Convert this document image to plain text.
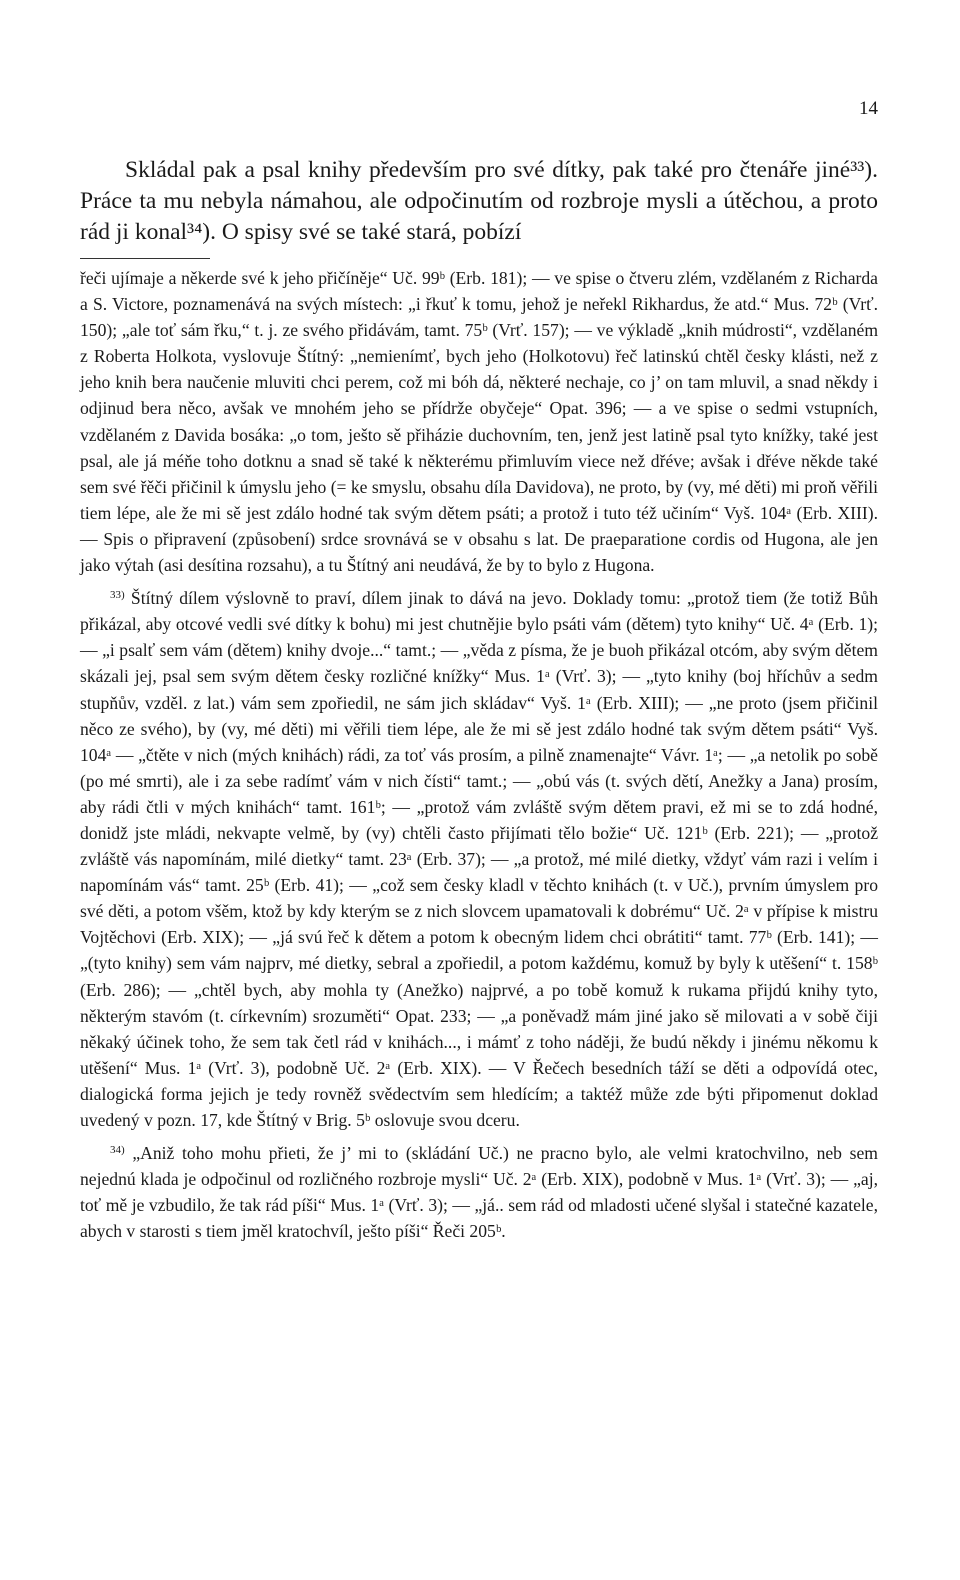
14

Skládal pak a psal knihy především pro své dítky, pak také pro čtenáře jiné³³). Práce ta mu nebyla námahou, ale odpočinutím od rozbroje mysli a útěchou, a proto rád ji konal³⁴). O spisy své se také stará, pobízí

řeči ujímaje a někerde své k jeho přičíněje“ Uč. 99ᵇ (Erb. 181); — ve spise o čtveru zlém, vzdělaném z Richarda a S. Victore, poznamenává na svých místech: „i řkuť k tomu, jehož je neřekl Rikhardus, že atd.“ Mus. 72ᵇ (Vrť. 150); „ale toť sám řku,“ t. j. ze svého přidávám, tamt. 75ᵇ (Vrť. 157); — ve výkladě „knih múdrosti“, vzdělaném z Roberta Holkota, vyslovuje Štítný: „nemienímť, bych jeho (Holkotovu) řeč latinskú chtěl česky klásti, než z jeho knih bera naučenie mluviti chci perem, což mi bóh dá, některé nechaje, co j’ on tam mluvil, a snad někdy i odjinud bera něco, avšak ve mnohém jeho se přídrže obyčeje“ Opat. 396; — a ve spise o sedmi vstupních, vzdělaném z Davida bosáka: „o tom, ješto sě přiházie duchovním, ten, jenž jest latině psal tyto knížky, také jest psal, ale já méňe toho dotknu a snad sě také k některému přimluvím viece než dřéve; avšak i dřéve někde také sem své řěči přičinil k úmyslu jeho (= ke smyslu, obsahu díla Davidova), ne proto, by (vy, mé děti) mi proň věřili tiem lépe, ale že mi sě jest zdálo hodné tak svým dětem psáti; a protož i tuto též učiním“ Vyš. 104ᵃ (Erb. XIII). — Spis o připravení (způsobení) srdce srovnává se v obsahu s lat. De praeparatione cordis od Hugona, ale jen jako výtah (asi desítina rozsahu), a tu Štítný ani neudává, že by to bylo z Hugona.

$^{33)}$ Štítný dílem výslovně to praví, dílem jinak to dává na jevo. Doklady tomu: „protož tiem (že totiž Bůh přikázal, aby otcové vedli své dítky k bohu) mi jest chutnějie bylo psáti vám (dětem) tyto knihy“ Uč. 4ᵃ (Erb. 1); — „i psalť sem vám (dětem) knihy dvoje...“ tamt.; — „věda z písma, že je buoh přikázal otcóm, aby svým dětem skázali jej, psal sem svým dětem česky rozličné knížky“ Mus. 1ᵃ (Vrť. 3); — „tyto knihy (boj hříchův a sedm stupňův, vzděl. z lat.) vám sem zpořiedil, ne sám jich skládav“ Vyš. 1ᵃ (Erb. XIII); — „ne proto (jsem přičinil něco ze svého), by (vy, mé děti) mi věřili tiem lépe, ale že mi sě jest zdálo hodné tak svým dětem psáti“ Vyš. 104ᵃ — „čtěte v nich (mých knihách) rádi, za toť vás prosím, a pilně znamenajte“ Vávr. 1ᵃ; — „a netolik po sobě (po mé smrti), ale i za sebe radímť vám v nich čísti“ tamt.; — „obú vás (t. svých dětí, Anežky a Jana) prosím, aby rádi čtli v mých knihách“ tamt. 161ᵇ; — „protož vám zvláště svým dětem pravi, ež mi se to zdá hodné, donidž jste mládi, nekvapte velmě, by (vy) chtěli často přijímati tělo božie“ Uč. 121ᵇ (Erb. 221); — „protož zvláště vás napomínám, milé dietky“ tamt. 23ᵃ (Erb. 37); — „a protož, mé milé dietky, vždyť vám razi i velím i napomínám vás“ tamt. 25ᵇ (Erb. 41); — „což sem česky kladl v těchto knihách (t. v Uč.), prvním úmyslem pro své děti, a potom všěm, ktož by kdy kterým se z nich slovcem upamatovali k dobrému“ Uč. 2ᵃ v přípise k mistru Vojtěchovi (Erb. XIX); — „já svú řeč k dětem a potom k obecným lidem chci obrátiti“ tamt. 77ᵇ (Erb. 141); — „(tyto knihy) sem vám najprv, mé dietky, sebral a zpořiedil, a potom každému, komuž by byly k utěšení“ t. 158ᵇ (Erb. 286); — „chtěl bych, aby mohla ty (Anežko) najprvé, a po tobě komuž k rukama přijdú knihy tyto, některým stavóm (t. církevním) srozuměti“ Opat. 233; — „a poněvadž mám jiné jako sě milovati a v sobě čiji někaký účinek toho, že sem tak četl rád v knihách..., i mámť z toho náději, že budú někdy i jinému někomu k utěšení“ Mus. 1ᵃ (Vrť. 3), podobně Uč. 2ᵃ (Erb. XIX). — V Řečech besedních táží se děti a odpovídá otec, dialogická forma jejich je tedy rovněž svědectvím sem hledícím; a taktéž může zde býti připomenut doklad uvedený v pozn. 17, kde Štítný v Brig. 5ᵇ oslovuje svou dceru.

$^{34)}$ „Aniž toho mohu přieti, že j’ mi to (skládání Uč.) ne pracno bylo, ale velmi kratochvilno, neb sem nejednú klada je odpočinul od rozličného rozbroje mysli“ Uč. 2ᵃ (Erb. XIX), podobně v Mus. 1ᵃ (Vrť. 3); — „aj, toť mě je vzbudilo, že tak rád píši“ Mus. 1ᵃ (Vrť. 3); — „já.. sem rád od mladosti učené slyšal i statečné kazatele, abych v starosti s tiem jměl kratochvíl, ješto píši“ Řeči 205ᵇ.
